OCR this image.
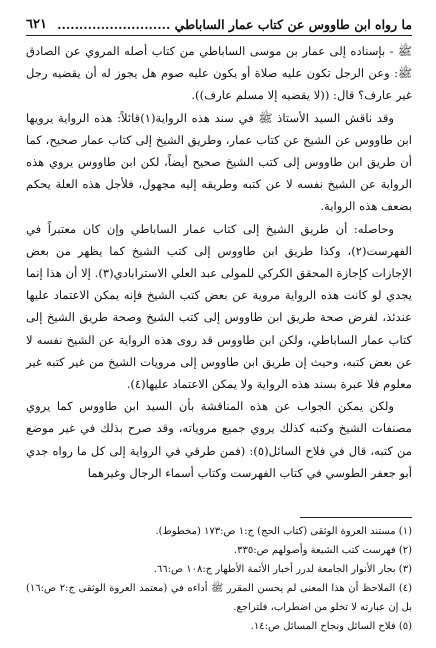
ما رواه ابن طاووس عن كتاب عمار الساباطي ..........................
٦٢١

ﷺ - بإسناده إلى عمار بن موسى الساباطي من كتاب أصله المروي عن الصادق ﷺ: وعن الرجل تكون عليه صلاة أو يكون عليه صوم هل يجوز له أن يقضيه رجل غير عارف؟ قال: ((لا يقضيه إلا مسلم عارف)).

وقد ناقش السيد الأستاذ ﷺ في سند هذه الرواية(١)قائلاً: هذه الرواية يرويها ابن طاووس عن الشيخ عن كتاب عمار، وطريق الشيخ إلى كتاب عمار صحيح، كما أن طريق ابن طاووس إلى كتب الشيخ صحيح أيضاً، لكن ابن طاووس يروي هذه الرواية عن الشيخ نفسه لا عن كتبه وطريقه إليه مجهول، فلأجل هذه العلة يحكم بضعف هذه الرواية.

وحاصله: أن طريق الشيخ إلى كتاب عمار الساباطي وإن كان معتبراً في الفهرست(٢)، وكذا طريق ابن طاووس إلى كتب الشيخ كما يظهر من بعض الإجازات كإجازة المحقق الكركي للمولى عبد العلي الاسترابادي(٣). إلا أن هذا إنما يجدي لو كانت هذه الرواية مروية عن بعض كتب الشيخ فإنه يمكن الاعتماد عليها عندئذ، لفرض صحة طريق ابن طاووس إلى كتب الشيخ وصحة طريق الشيخ إلى كتاب عمار الساباطي، ولكن ابن طاووس قد روى هذه الرواية عن الشيخ نفسه لا عن بعض كتبه، وحيث إن طريق ابن طاووس إلى مرويات الشيخ من غير كتبه غير معلوم فلا عبرة بسند هذه الرواية ولا يمكن الاعتماد عليها(٤).

ولكن يمكن الجواب عن هذه المناقشة بأن السيد ابن طاووس كما يروي مصنفات الشيخ وكتبه كذلك يروي جميع مروياته، وقد صرح بذلك في غير موضع من كتبه، قال في فلاح السائل(٥): (فمن طرقي في الرواية إلى كل ما رواه جدي أبو جعفر الطوسي في كتاب الفهرست وكتاب أسماء الرجال وغيرهما

(١) مستند العروة الوثقى (كتاب الحج) ج:١ ص:١٧٣ (مخطوط).

(٢) فهرست كتب الشيعة وأصولهم ص:٣٣٥.

(٣) بحار الأنوار الجامعة لدرر أخبار الأئمة الأطهار ج:١٠٨ ص:٦٦.

(٤) الملاحظ أن هذا المعنى لم يحسن المقرر ﷺ أداءه في (معتمد العروة الوثقى ج:٢ ص:١٦) بل إن عبارته لا تخلو من اضطراب، فلتراجع.

(٥) فلاح السائل ونجاح المسائل ص:١٤.
